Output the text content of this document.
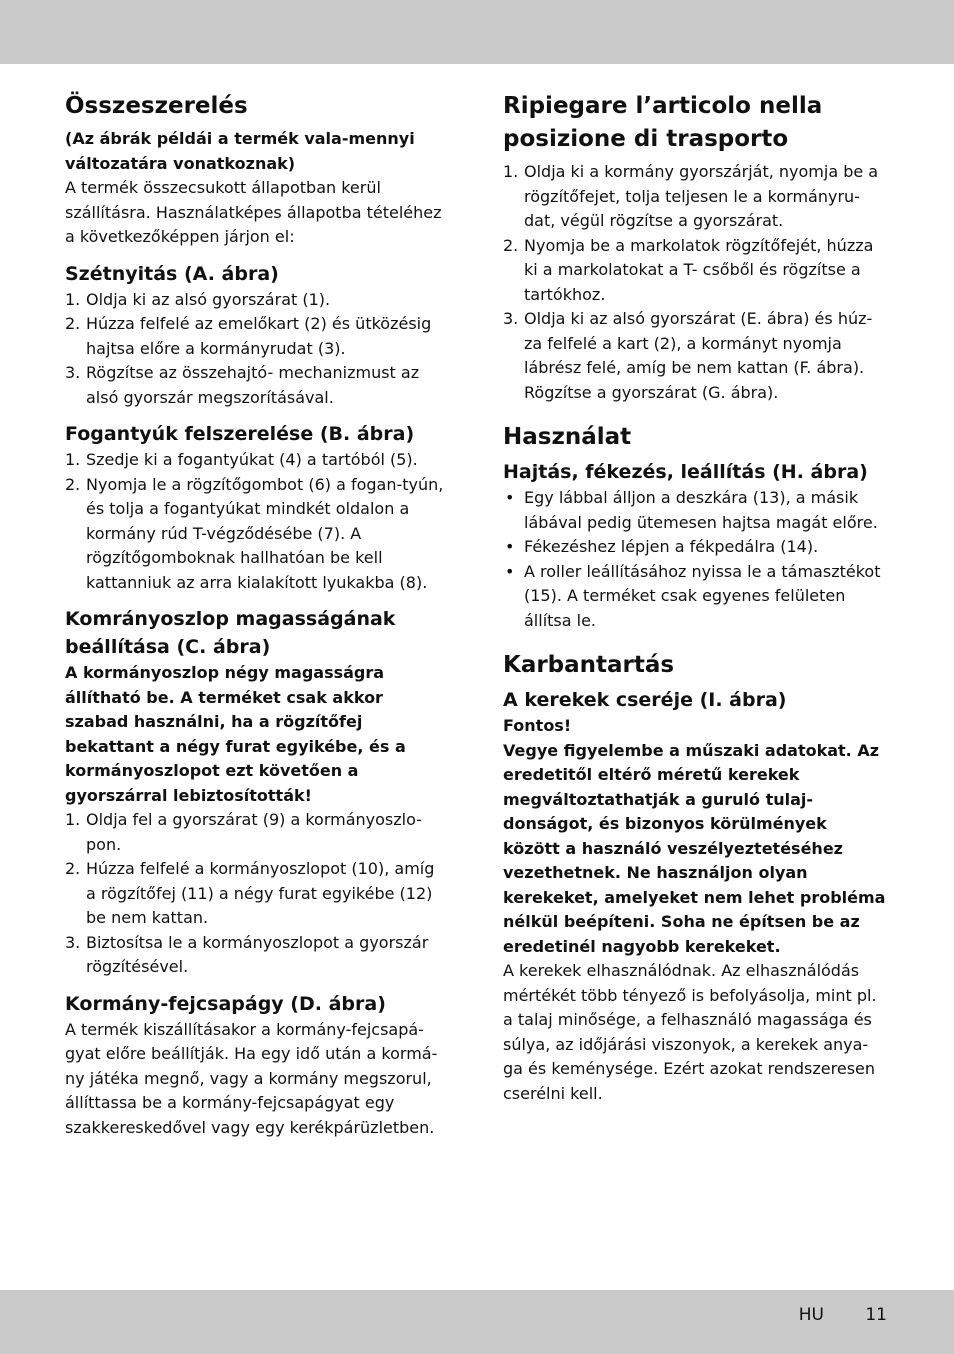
Összeszerelés
(Az ábrák példái a termék vala-mennyi változatára vonatkoznak)

A termék összecsukott állapotban kerül szállításra. Használatképes állapotba tételéhez a következőképpen járjon el:

Szétnyitás (A. ábra)
1. Oldja ki az alsó gyorszárat (1).
2. Húzza felfelé az emelőkart (2) és ütközésig hajtsa előre a kormányrudat (3).
3. Rögzítse az összehajtó- mechanizmust az alsó gyorszár megszorításával.
Fogantyúk felszerelése (B. ábra)
1. Szedje ki a fogantyúkat (4) a tartóból (5).
2. Nyomja le a rögzítőgombot (6) a fogan-tyún, és tolja a fogantyúkat mindkét oldalon a kormány rúd T-végződésébe (7). A rögzítőgomboknak hallhatóan be kell kattanniuk az arra kialakított lyukakba (8).
Komrányoszlop magasságának beállítása (C. ábra)
A kormányoszlop négy magasságra állítható be. A terméket csak akkor szabad használni, ha a rögzítőfej bekattant a négy furat egyikébe, és a kormányoszlopot ezt követően a gyorszárral lebiztosították!
1. Oldja fel a gyorszárat (9) a kormányoszlo-pon.
2. Húzza felfelé a kormányoszlopot (10), amíg a rögzítőfej (11) a négy furat egyikébe (12) be nem kattan.
3. Biztosítsa le a kormányoszlopot a gyorszár rögzítésével.
Kormány-fejcsapágy (D. ábra)

A termék kiszállításakor a kormány-fejcsapá-gyat előre beállítják. Ha egy idő után a kormá-ny játéka megnő, vagy a kormány megszorul, állíttassa be a kormány-fejcsapágyat egy szakkereskedővel vagy egy kerékpárüzletben.

Ripiegare l’articolo nella posizione di trasporto
1. Oldja ki a kormány gyorszárját, nyomja be a rögzítőfejet, tolja teljesen le a kormányru-dat, végül rögzítse a gyorszárat.
2. Nyomja be a markolatok rögzítőfejét, húzza ki a markolatokat a T- csőből és rögzítse a tartókhoz.
3. Oldja ki az alsó gyorszárat (E. ábra) és húz-za felfelé a kart (2), a kormányt nyomja lábrész felé, amíg be nem kattan (F. ábra). Rögzítse a gyorszárat (G. ábra).
Használat
Hajtás, fékezés, leállítás (H. ábra)
• Egy lábbal álljon a deszkára (13), a másik lábával pedig ütemesen hajtsa magát előre.
• Fékezéshez lépjen a fékpedálra (14).
• A roller leállításához nyissa le a támasztékot (15). A terméket csak egyenes felületen állítsa le.
Karbantartás
A kerekek cseréje (I. ábra)
Fontos!
Vegye figyelembe a műszaki adatokat. Az eredetitől eltérő méretű kerekek megváltoztathatják a guruló tulaj-donságot, és bizonyos körülmények között a használó veszélyeztetéséhez vezethetnek. Ne használjon olyan kerekeket, amelyeket nem lehet probléma nélkül beépíteni. Soha ne építsen be az eredetinél nagyobb kerekeket.

A kerekek elhasználódnak. Az elhasználódás mértékét több tényező is befolyásolja, mint pl. a talaj minősége, a felhasználó magassága és súlya, az időjárási viszonyok, a kerekek anya-ga és keménysége. Ezért azokat rendszeresen cserélni kell.

HU 11
